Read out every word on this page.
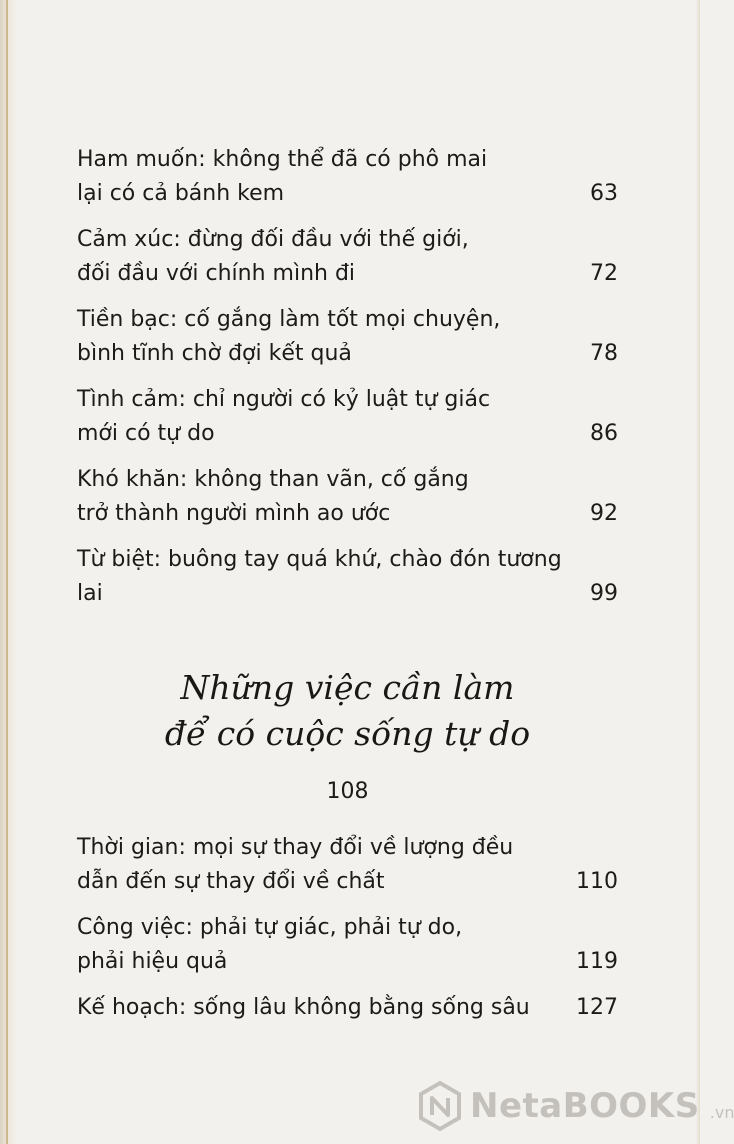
Ham muốn: không thể đã có phô mai
lại có cả bánh kem	63
Cảm xúc: đừng đối đầu với thế giới,
đối đầu với chính mình đi	72
Tiền bạc: cố gắng làm tốt mọi chuyện,
bình tĩnh chờ đợi kết quả	78
Tình cảm: chỉ người có kỷ luật tự giác
mới có tự do	86
Khó khăn: không than vãn, cố gắng
trở thành người mình ao ước	92
Từ biệt: buông tay quá khứ, chào đón tương lai	99
Những việc cần làm
để có cuộc sống tự do
108
Thời gian: mọi sự thay đổi về lượng đều
dẫn đến sự thay đổi về chất	110
Công việc: phải tự giác, phải tự do,
phải hiệu quả	119
Kế hoạch: sống lâu không bằng sống sâu	127
NetaBOOKS .vn
